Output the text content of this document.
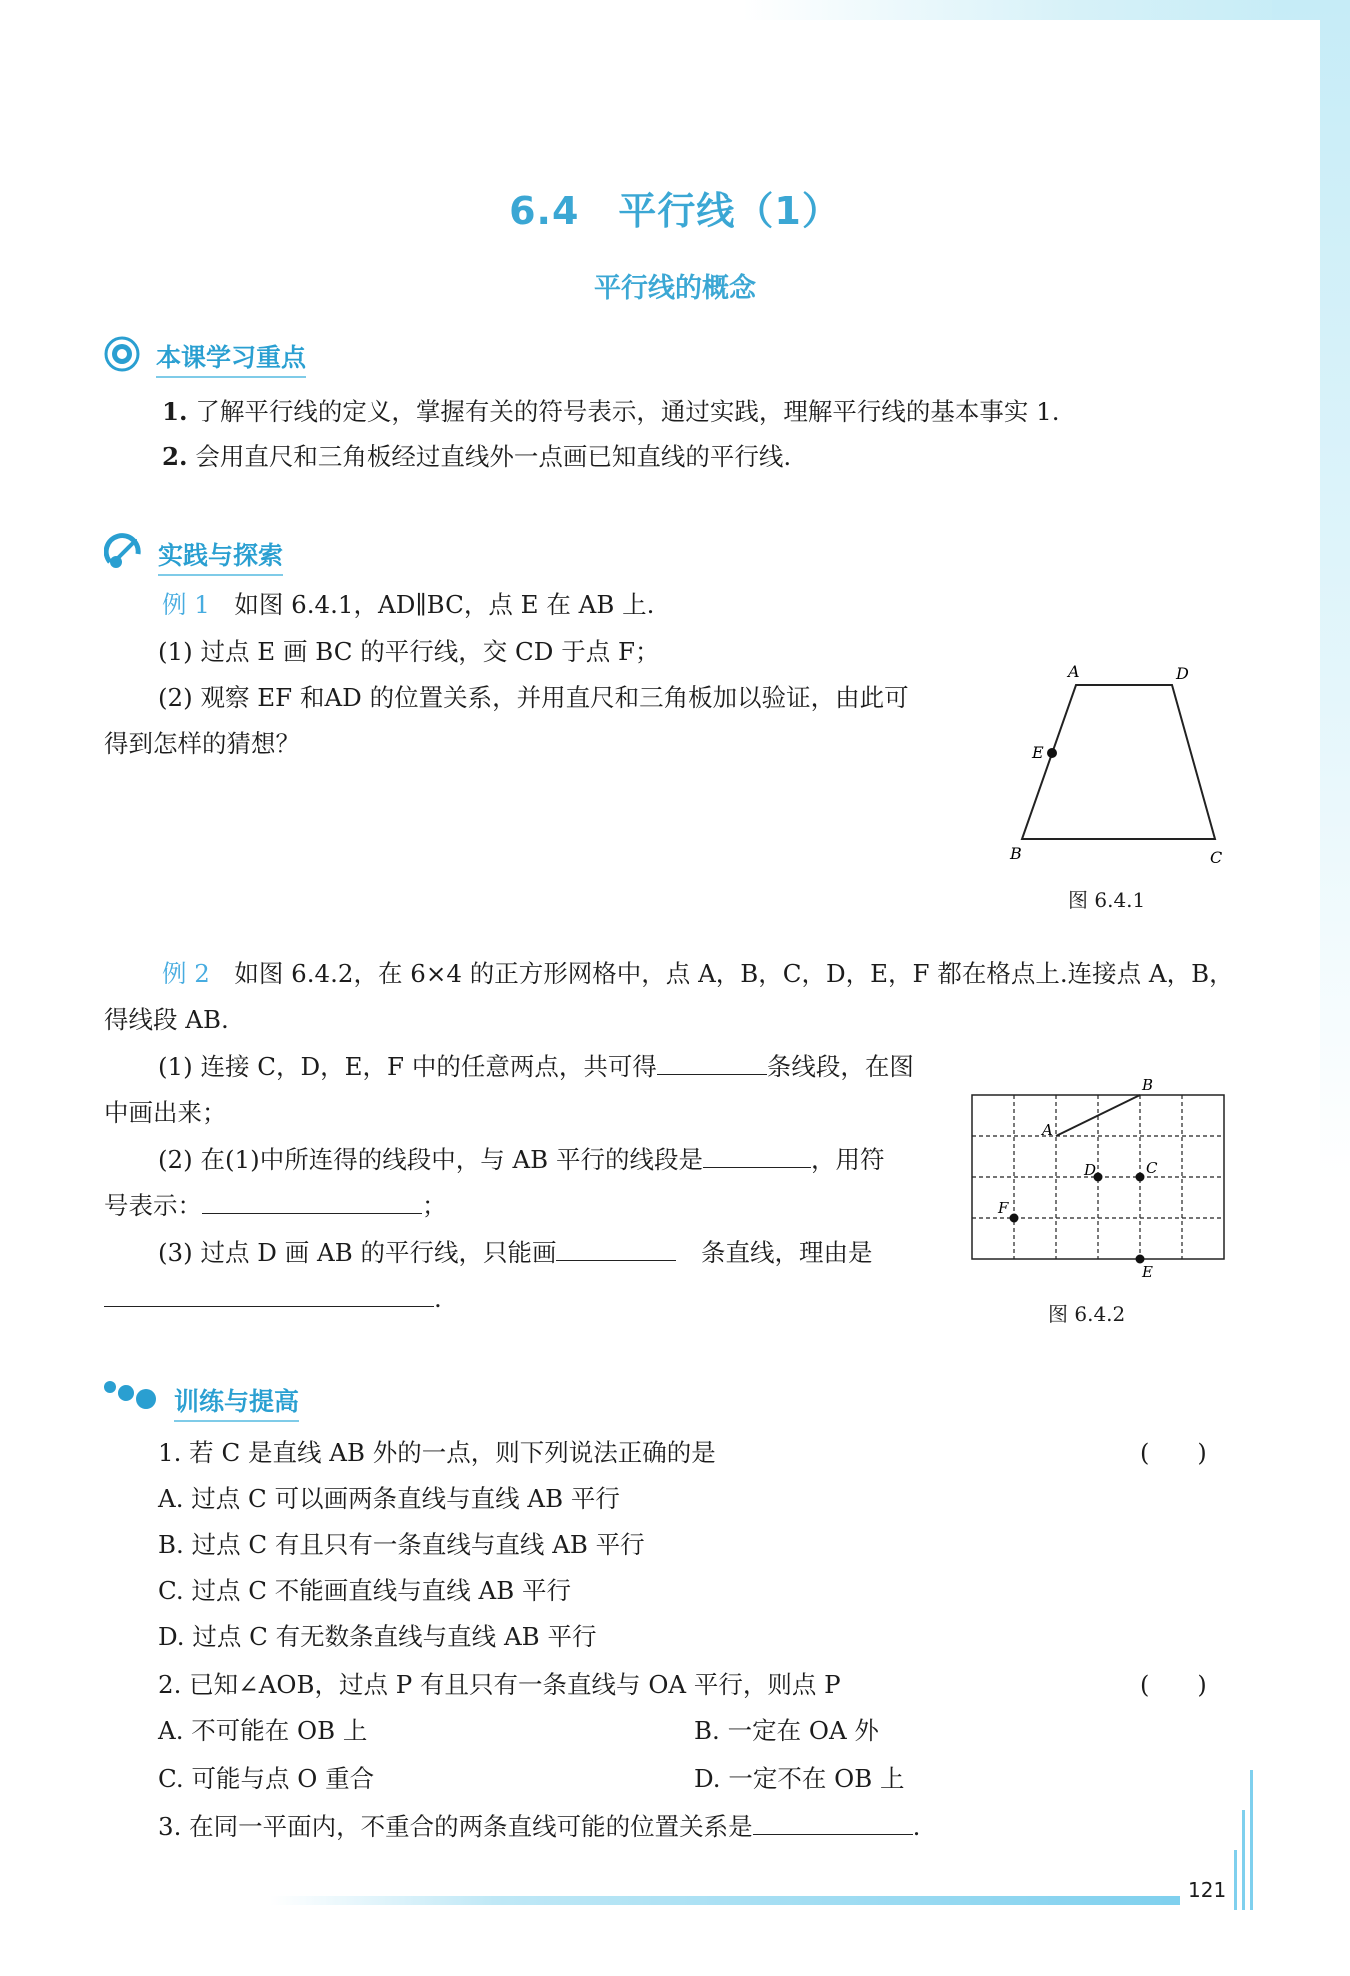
6.4　平行线（1）
平行线的概念
本课学习重点
1. 了解平行线的定义，掌握有关的符号表示，通过实践，理解平行线的基本事实 1.
2. 会用直尺和三角板经过直线外一点画已知直线的平行线.
实践与探索
例 1　 如图 6.4.1，AD∥BC，点 E 在 AB 上.
(1) 过点 E 画 BC 的平行线，交 CD 于点 F；
(2) 观察 EF 和AD 的位置关系，并用直尺和三角板加以验证，由此可
得到怎样的猜想？
A	D
E
B	C
图 6.4.1
例 2　 如图 6.4.2，在 6×4 的正方形网格中，点 A，B，C，D，E，F 都在格点上.连接点 A，B，
得线段 AB.
(1) 连接 C，D，E，F 中的任意两点，共可得	条线段，在图
中画出来；
(2) 在(1)中所连得的线段中，与 AB 平行的线段是	，用符
号表示：	；
(3) 过点 D 画 AB 的平行线，只能画　	条直线，理由是
.
B
A
D	C
F
E
图 6.4.2
训练与提高
1. 若 C 是直线 AB 外的一点，则下列说法正确的是	(　　)
A. 过点 C 可以画两条直线与直线 AB 平行
B. 过点 C 有且只有一条直线与直线 AB 平行
C. 过点 C 不能画直线与直线 AB 平行
D. 过点 C 有无数条直线与直线 AB 平行
2. 已知∠AOB，过点 P 有且只有一条直线与 OA 平行，则点 P	(　　)
A. 不可能在 OB 上	B. 一定在 OA 外
C. 可能与点 O 重合	D. 一定不在 OB 上
3. 在同一平面内，不重合的两条直线可能的位置关系是	.
121
